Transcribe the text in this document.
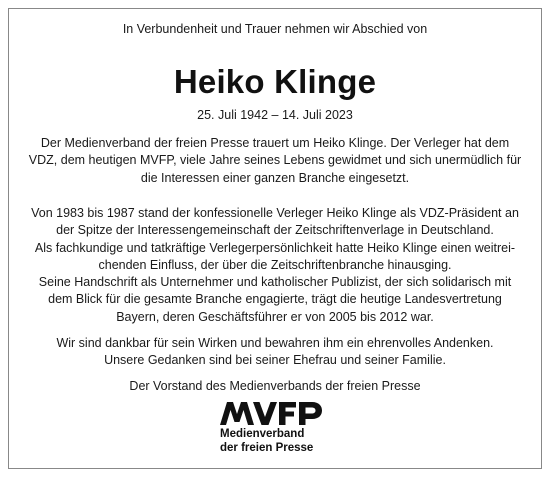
In Verbundenheit und Trauer nehmen wir Abschied von
Heiko Klinge
25. Juli 1942 – 14. Juli 2023
Der Medienverband der freien Presse trauert um Heiko Klinge. Der Verleger hat dem
VDZ, dem heutigen MVFP, viele Jahre seines Lebens gewidmet und sich unermüdlich für
die Interessen einer ganzen Branche eingesetzt.
Von 1983 bis 1987 stand der konfessionelle Verleger Heiko Klinge als VDZ-Präsident an
der Spitze der Interessengemeinschaft der Zeitschriftenverlage in Deutschland.
Als fachkundige und tatkräftige Verlegerpersönlichkeit hatte Heiko Klinge einen weitrei-
chenden Einfluss, der über die Zeitschriftenbranche hinausging.
Seine Handschrift als Unternehmer und katholischer Publizist, der sich solidarisch mit
dem Blick für die gesamte Branche engagierte, trägt die heutige Landesvertretung
Bayern, deren Geschäftsführer er von 2005 bis 2012 war.
Wir sind dankbar für sein Wirken und bewahren ihm ein ehrenvolles Andenken.
Unsere Gedanken sind bei seiner Ehefrau und seiner Familie.
Der Vorstand des Medienverbands der freien Presse
Medienverband
der freien Presse
